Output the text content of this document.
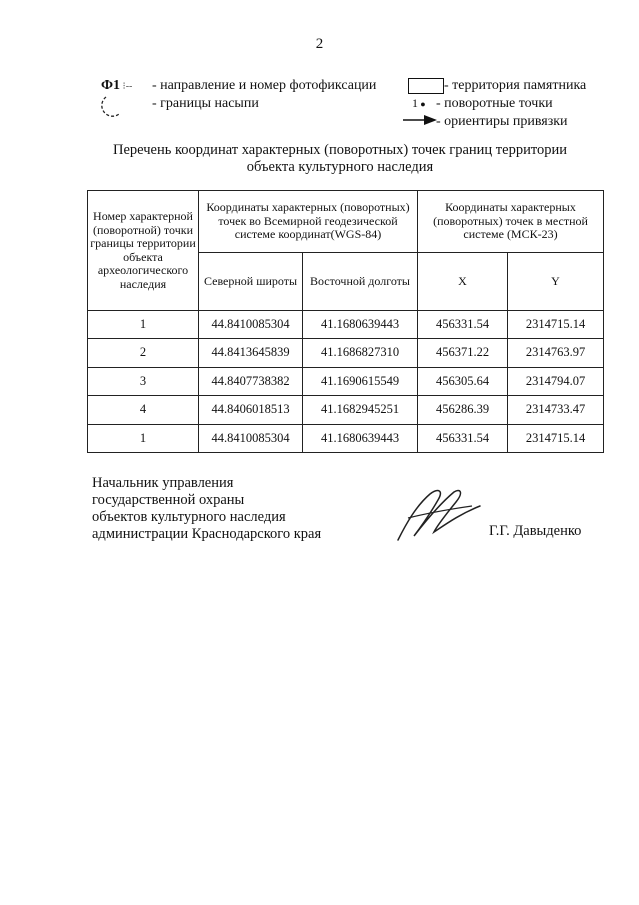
2
Ф1 ⁝-- - направление и номер фотофиксации
- границы насыпи
- территория памятника
1 ● - поворотные точки
- ориентиры привязки
Перечень координат характерных (поворотных) точек границ территории
объекта культурного наследия
Номер характерной (поворотной) точки границы территории объекта археологического наследия	Координаты характерных (поворотных) точек во Всемирной геодезической системе координат(WGS-84)		Координаты характерных (поворотных) точек в местной системе (МСК-23)	
	Северной широты	Восточной долготы	X	Y
1	44.8410085304	41.1680639443	456331.54	2314715.14
2	44.8413645839	41.1686827310	456371.22	2314763.97
3	44.8407738382	41.1690615549	456305.64	2314794.07
4	44.8406018513	41.1682945251	456286.39	2314733.47
1	44.8410085304	41.1680639443	456331.54	2314715.14
Начальник управления
государственной охраны
объектов культурного наследия
администрации Краснодарского края	Г.Г. Давыденко
